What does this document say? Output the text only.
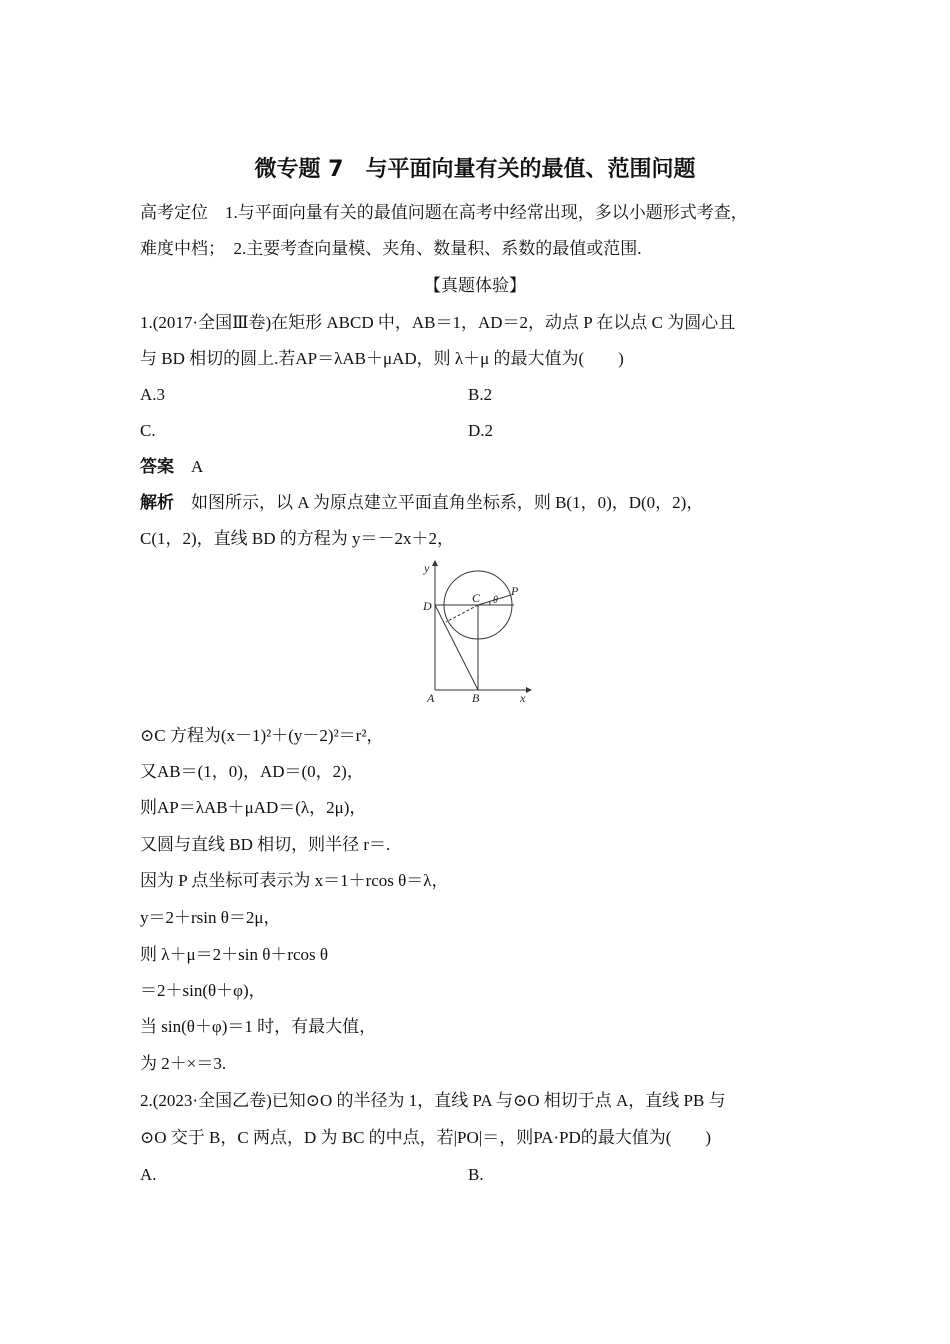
微专题 7　与平面向量有关的最值、范围问题
高考定位　1.与平面向量有关的最值问题在高考中经常出现，多以小题形式考查，
难度中档；　2.主要考查向量模、夹角、数量积、系数的最值或范围.
【真题体验】
1.(2017·全国Ⅲ卷)在矩形 ABCD 中，AB＝1，AD＝2，动点 P 在以点 C 为圆心且
与 BD 相切的圆上.若AP＝λAB＋μAD，则 λ＋μ 的最大值为(　　)
A.3	B.2
C.	D.2
答案　 A
解析　 如图所示，以 A 为原点建立平面直角坐标系，则 B(1，0)，D(0，2)，
C(1，2)，直线 BD 的方程为 y＝－2x＋2，
y
x
A	B
D
C	P
θ
⊙C 方程为(x－1)²＋(y－2)²＝r²，
又AB＝(1，0)，AD＝(0，2)，
则AP＝λAB＋μAD＝(λ，2μ)，
又圆与直线 BD 相切，则半径 r＝.
因为 P 点坐标可表示为 x＝1＋rcos θ＝λ，
y＝2＋rsin θ＝2μ，
则 λ＋μ＝2＋sin θ＋rcos θ
＝2＋sin(θ＋φ)，
当 sin(θ＋φ)＝1 时，有最大值，
为 2＋×＝3.
2.(2023·全国乙卷)已知⊙O 的半径为 1，直线 PA 与⊙O 相切于点 A，直线 PB 与
⊙O 交于 B，C 两点，D 为 BC 的中点，若|PO|＝，则PA·PD的最大值为(　　)
A.	B.
